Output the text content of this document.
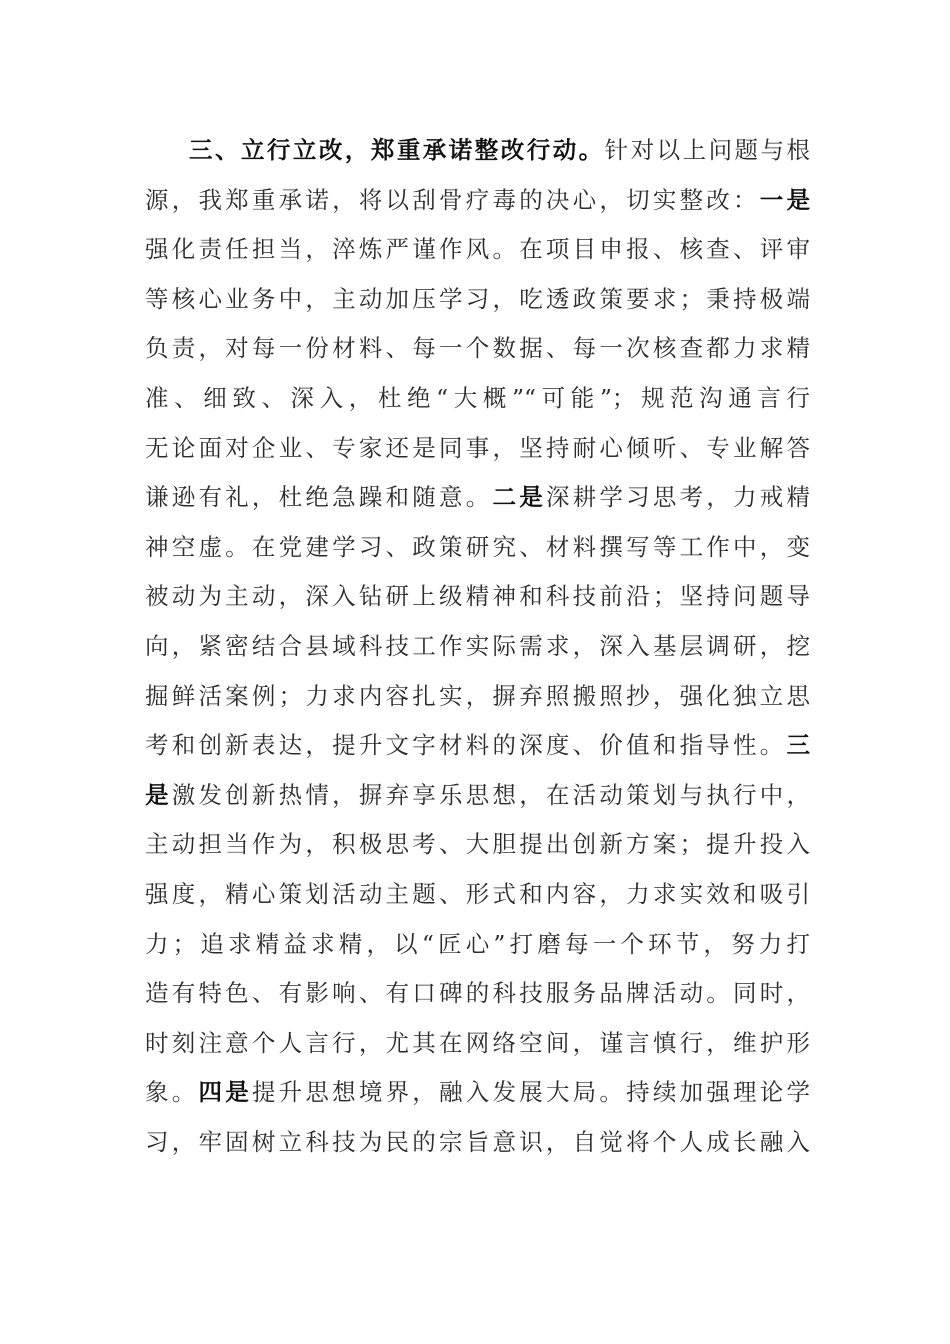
三、立行立改，郑重承诺整改行动。针对以上问题与根
源，我郑重承诺，将以刮骨疗毒的决心，切实整改：一是
强化责任担当，淬炼严谨作风。在项目申报、核查、评审
等核心业务中，主动加压学习，吃透政策要求；秉持极端
负责，对每一份材料、每一个数据、每一次核查都力求精
准、细致、深入，杜绝“大概”“可能”；规范沟通言行
无论面对企业、专家还是同事，坚持耐心倾听、专业解答
谦逊有礼，杜绝急躁和随意。二是深耕学习思考，力戒精
神空虚。在党建学习、政策研究、材料撰写等工作中，变
被动为主动，深入钻研上级精神和科技前沿；坚持问题导
向，紧密结合县域科技工作实际需求，深入基层调研，挖
掘鲜活案例；力求内容扎实，摒弃照搬照抄，强化独立思
考和创新表达，提升文字材料的深度、价值和指导性。三
是激发创新热情，摒弃享乐思想，在活动策划与执行中，
主动担当作为，积极思考、大胆提出创新方案；提升投入
强度，精心策划活动主题、形式和内容，力求实效和吸引
力；追求精益求精，以“匠心”打磨每一个环节，努力打
造有特色、有影响、有口碑的科技服务品牌活动。同时，
时刻注意个人言行，尤其在网络空间，谨言慎行，维护形
象。四是提升思想境界，融入发展大局。持续加强理论学
习，牢固树立科技为民的宗旨意识，自觉将个人成长融入
